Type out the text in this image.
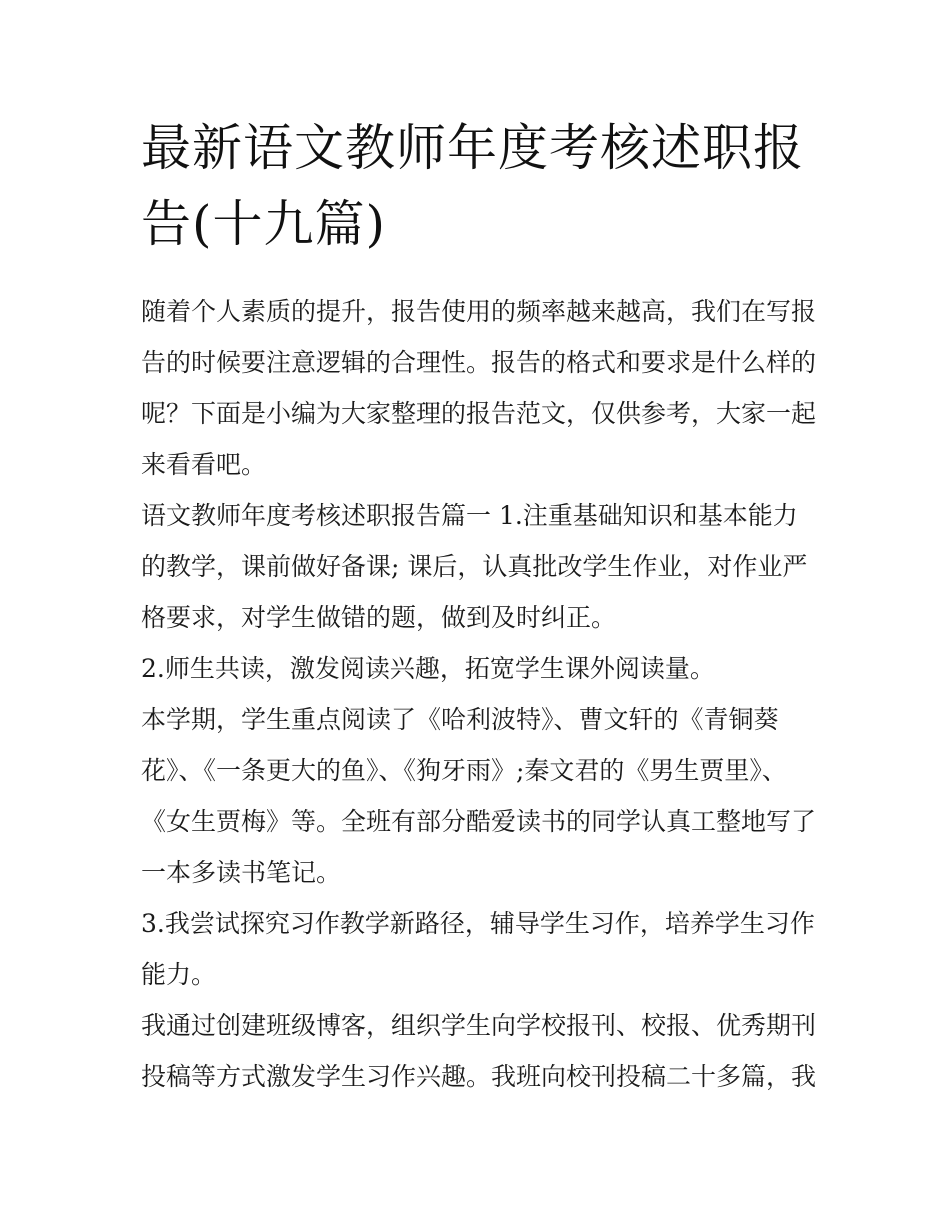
最新语文教师年度考核述职报告(十九篇)

随着个人素质的提升，报告使用的频率越来越高，我们在写报告的时候要注意逻辑的合理性。报告的格式和要求是什么样的呢？下面是小编为大家整理的报告范文，仅供参考，大家一起来看看吧。

语文教师年度考核述职报告篇一 1.注重基础知识和基本能力的教学，课前做好备课; 课后，认真批改学生作业，对作业严格要求，对学生做错的题，做到及时纠正。

2.师生共读，激发阅读兴趣，拓宽学生课外阅读量。

本学期，学生重点阅读了《哈利波特》、曹文轩的《青铜葵花》、《一条更大的鱼》、《狗牙雨》;秦文君的《男生贾里》、《女生贾梅》等。全班有部分酷爱读书的同学认真工整地写了一本多读书笔记。

3.我尝试探究习作教学新路径，辅导学生习作，培养学生习作能力。

我通过创建班级博客，组织学生向学校报刊、校报、优秀期刊投稿等方式激发学生习作兴趣。我班向校刊投稿二十多篇，我
